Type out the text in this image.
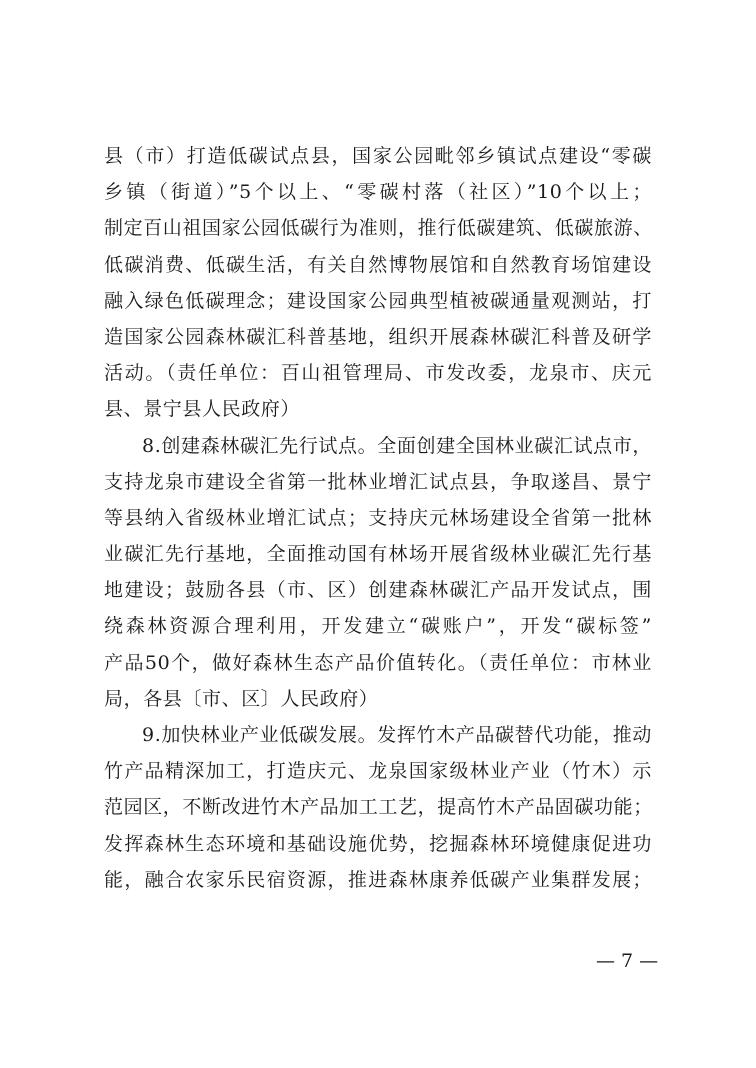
县（市）打造低碳试点县，国家公园毗邻乡镇试点建设“零碳
乡镇（街道）”5个以上、“零碳村落（社区）”10个以上；
制定百山祖国家公园低碳行为准则，推行低碳建筑、低碳旅游、
低碳消费、低碳生活，有关自然博物展馆和自然教育场馆建设
融入绿色低碳理念；建设国家公园典型植被碳通量观测站，打
造国家公园森林碳汇科普基地，组织开展森林碳汇科普及研学
活动。（责任单位：百山祖管理局、市发改委，龙泉市、庆元
县、景宁县人民政府）
8.创建森林碳汇先行试点。全面创建全国林业碳汇试点市，
支持龙泉市建设全省第一批林业增汇试点县，争取遂昌、景宁
等县纳入省级林业增汇试点；支持庆元林场建设全省第一批林
业碳汇先行基地，全面推动国有林场开展省级林业碳汇先行基
地建设；鼓励各县（市、区）创建森林碳汇产品开发试点，围
绕森林资源合理利用，开发建立“碳账户”，开发“碳标签”
产品50个，做好森林生态产品价值转化。（责任单位：市林业
局，各县〔市、区〕人民政府）
9.加快林业产业低碳发展。发挥竹木产品碳替代功能，推动
竹产品精深加工，打造庆元、龙泉国家级林业产业（竹木）示
范园区，不断改进竹木产品加工工艺，提高竹木产品固碳功能；
发挥森林生态环境和基础设施优势，挖掘森林环境健康促进功
能，融合农家乐民宿资源，推进森林康养低碳产业集群发展；
— 7 —
